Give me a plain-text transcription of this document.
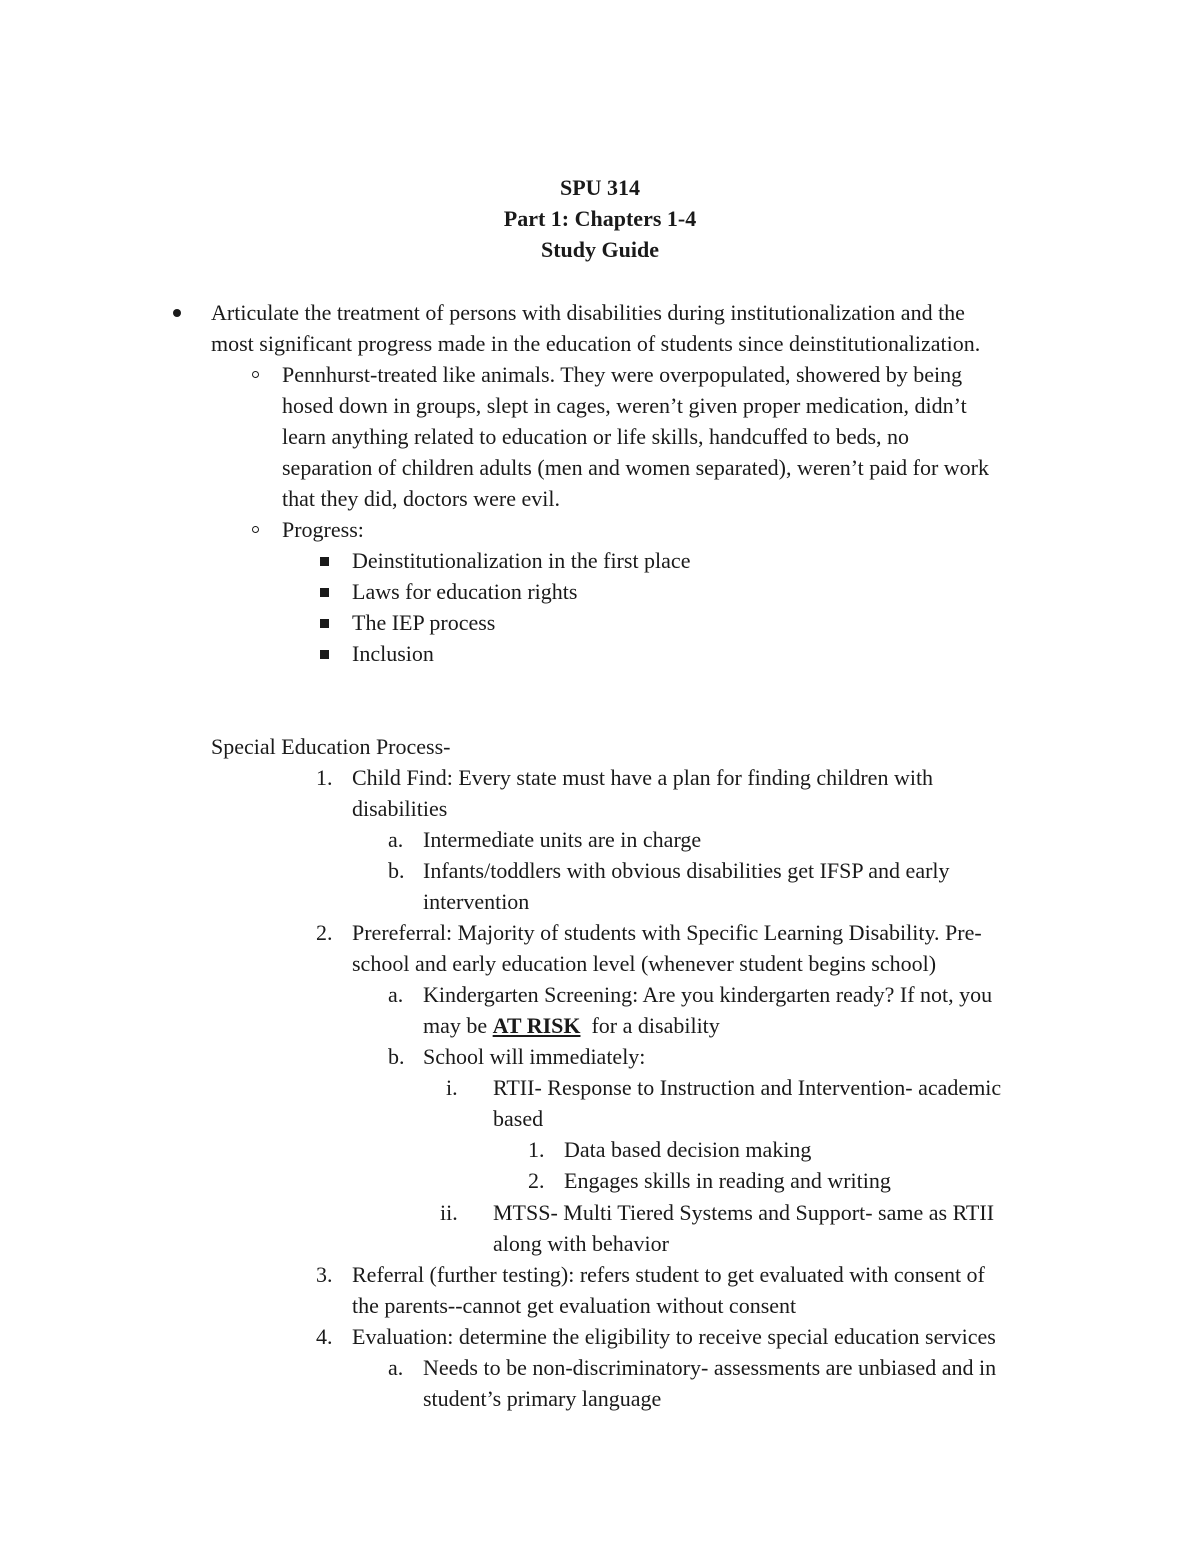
SPU 314
Part 1: Chapters 1-4
Study Guide
Articulate the treatment of persons with disabilities during institutionalization and the
most significant progress made in the education of students since deinstitutionalization.
Pennhurst-treated like animals. They were overpopulated, showered by being
hosed down in groups, slept in cages, weren’t given proper medication, didn’t
learn anything related to education or life skills, handcuffed to beds, no
separation of children adults (men and women separated), weren’t paid for work
that they did, doctors were evil.
Progress:
Deinstitutionalization in the first place
Laws for education rights
The IEP process
Inclusion
Special Education Process-
1. Child Find: Every state must have a plan for finding children with
disabilities
a. Intermediate units are in charge
b. Infants/toddlers with obvious disabilities get IFSP and early
intervention
2. Prereferral: Majority of students with Specific Learning Disability. Pre-
school and early education level (whenever student begins school)
a. Kindergarten Screening: Are you kindergarten ready? If not, you
may be AT RISK  for a disability
b. School will immediately:
i. RTII- Response to Instruction and Intervention- academic
based
1. Data based decision making
2. Engages skills in reading and writing
ii. MTSS- Multi Tiered Systems and Support- same as RTII
along with behavior
3. Referral (further testing): refers student to get evaluated with consent of
the parents--cannot get evaluation without consent
4. Evaluation: determine the eligibility to receive special education services
a. Needs to be non-discriminatory- assessments are unbiased and in
student’s primary language
